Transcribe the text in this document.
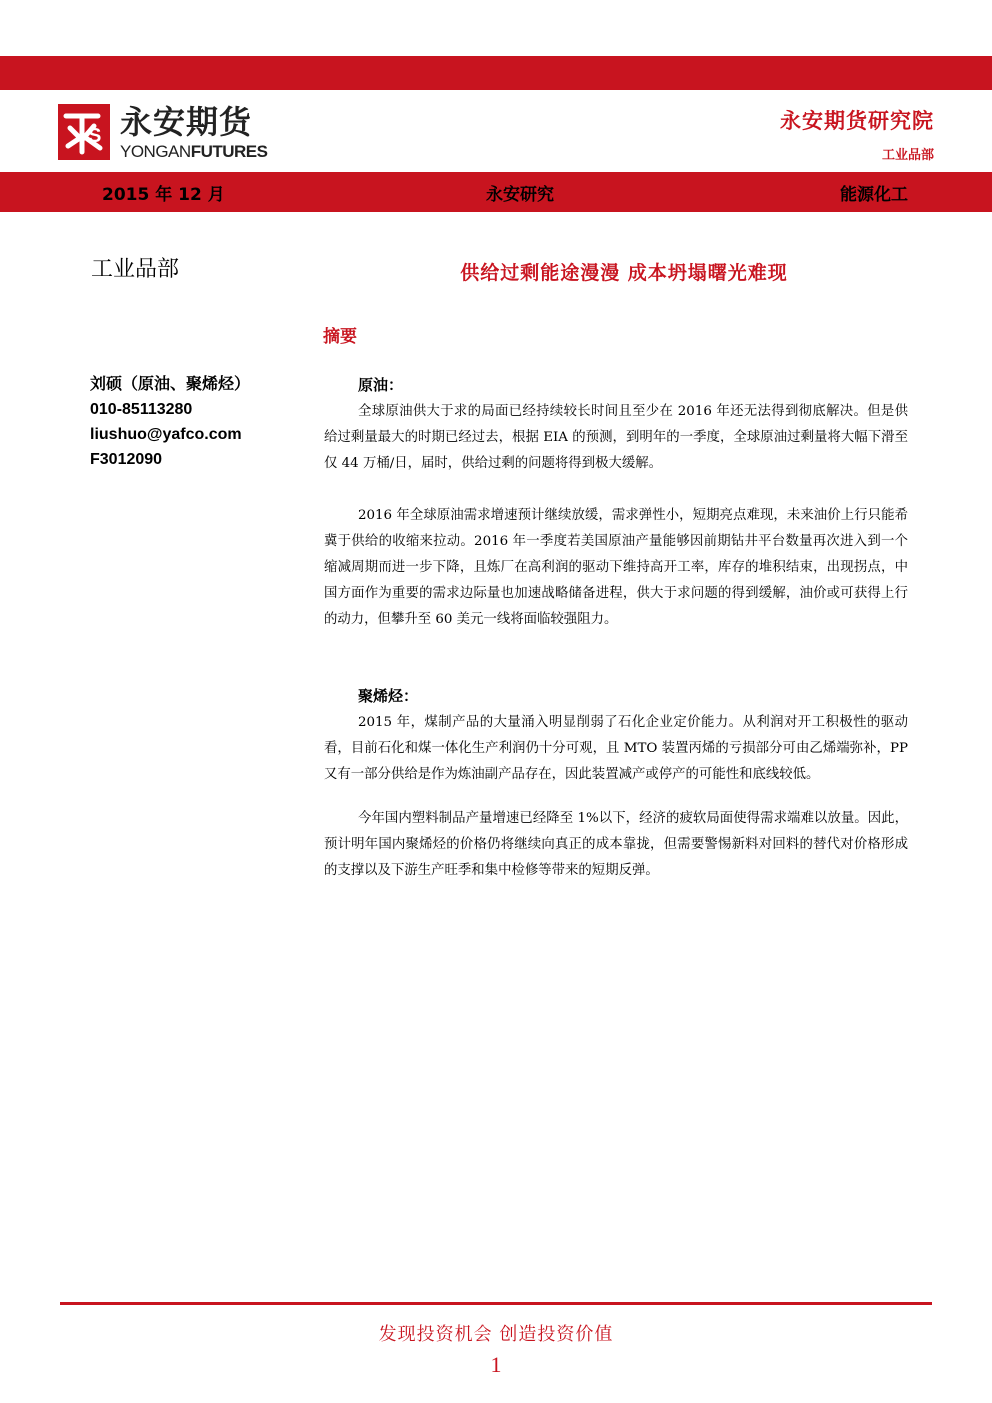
S 永安期货
YONGANFUTURES
永安期货研究院
工业品部
2015 年 12 月	永安研究	能源化工
工业品部	供给过剩能途漫漫 成本坍塌曙光难现
摘要
刘硕（原油、聚烯烃）
010-85113280
liushuo@yafco.com
F3012090
原油：

全球原油供大于求的局面已经持续较长时间且至少在 2016 年还无法得到彻底解决。但是供给过剩量最大的时期已经过去，根据 EIA 的预测，到明年的一季度，全球原油过剩量将大幅下滑至仅 44 万桶/日，届时，供给过剩的问题将得到极大缓解。

2016 年全球原油需求增速预计继续放缓，需求弹性小，短期亮点难现，未来油价上行只能希冀于供给的收缩来拉动。2016 年一季度若美国原油产量能够因前期钻井平台数量再次进入到一个缩减周期而进一步下降，且炼厂在高利润的驱动下维持高开工率，库存的堆积结束，出现拐点，中国方面作为重要的需求边际量也加速战略储备进程，供大于求问题的得到缓解，油价或可获得上行的动力，但攀升至 60 美元一线将面临较强阻力。

聚烯烃：

2015 年，煤制产品的大量涌入明显削弱了石化企业定价能力。从利润对开工积极性的驱动看，目前石化和煤一体化生产利润仍十分可观，且 MTO 装置丙烯的亏损部分可由乙烯端弥补，PP 又有一部分供给是作为炼油副产品存在，因此装置减产或停产的可能性和底线较低。

今年国内塑料制品产量增速已经降至 1%以下，经济的疲软局面使得需求端难以放量。因此，预计明年国内聚烯烃的价格仍将继续向真正的成本靠拢，但需要警惕新料对回料的替代对价格形成的支撑以及下游生产旺季和集中检修等带来的短期反弹。

发现投资机会 创造投资价值
1
